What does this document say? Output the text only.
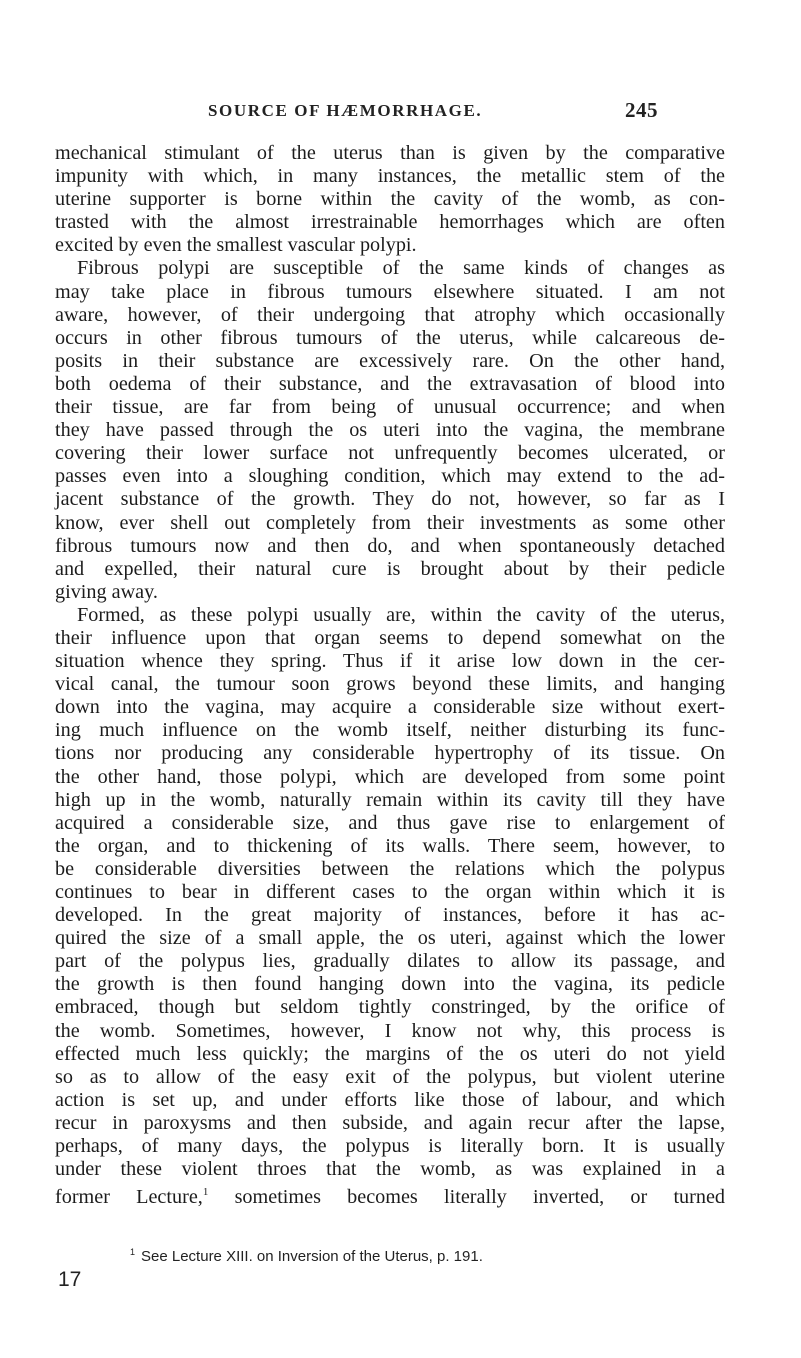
SOURCE OF HÆMORRHAGE.	245
mechanical stimulant of the uterus than is given by the comparative
impunity with which, in many instances, the metallic stem of the
uterine supporter is borne within the cavity of the womb, as con-
trasted with the almost irrestrainable hemorrhages which are often
excited by even the smallest vascular polypi.
Fibrous polypi are susceptible of the same kinds of changes as
may take place in fibrous tumours elsewhere situated. I am not
aware, however, of their undergoing that atrophy which occasionally
occurs in other fibrous tumours of the uterus, while calcareous de-
posits in their substance are excessively rare. On the other hand,
both oedema of their substance, and the extravasation of blood into
their tissue, are far from being of unusual occurrence; and when
they have passed through the os uteri into the vagina, the membrane
covering their lower surface not unfrequently becomes ulcerated, or
passes even into a sloughing condition, which may extend to the ad-
jacent substance of the growth. They do not, however, so far as I
know, ever shell out completely from their investments as some other
fibrous tumours now and then do, and when spontaneously detached
and expelled, their natural cure is brought about by their pedicle
giving away.
Formed, as these polypi usually are, within the cavity of the uterus,
their influence upon that organ seems to depend somewhat on the
situation whence they spring. Thus if it arise low down in the cer-
vical canal, the tumour soon grows beyond these limits, and hanging
down into the vagina, may acquire a considerable size without exert-
ing much influence on the womb itself, neither disturbing its func-
tions nor producing any considerable hypertrophy of its tissue. On
the other hand, those polypi, which are developed from some point
high up in the womb, naturally remain within its cavity till they have
acquired a considerable size, and thus gave rise to enlargement of
the organ, and to thickening of its walls. There seem, however, to
be considerable diversities between the relations which the polypus
continues to bear in different cases to the organ within which it is
developed. In the great majority of instances, before it has ac-
quired the size of a small apple, the os uteri, against which the lower
part of the polypus lies, gradually dilates to allow its passage, and
the growth is then found hanging down into the vagina, its pedicle
embraced, though but seldom tightly constringed, by the orifice of
the womb. Sometimes, however, I know not why, this process is
effected much less quickly; the margins of the os uteri do not yield
so as to allow of the easy exit of the polypus, but violent uterine
action is set up, and under efforts like those of labour, and which
recur in paroxysms and then subside, and again recur after the lapse,
perhaps, of many days, the polypus is literally born. It is usually
under these violent throes that the womb, as was explained in a
former Lecture,$^1$ sometimes becomes literally inverted, or turned
$^1$ See Lecture XIII. on Inversion of the Uterus, p. 191.
17
